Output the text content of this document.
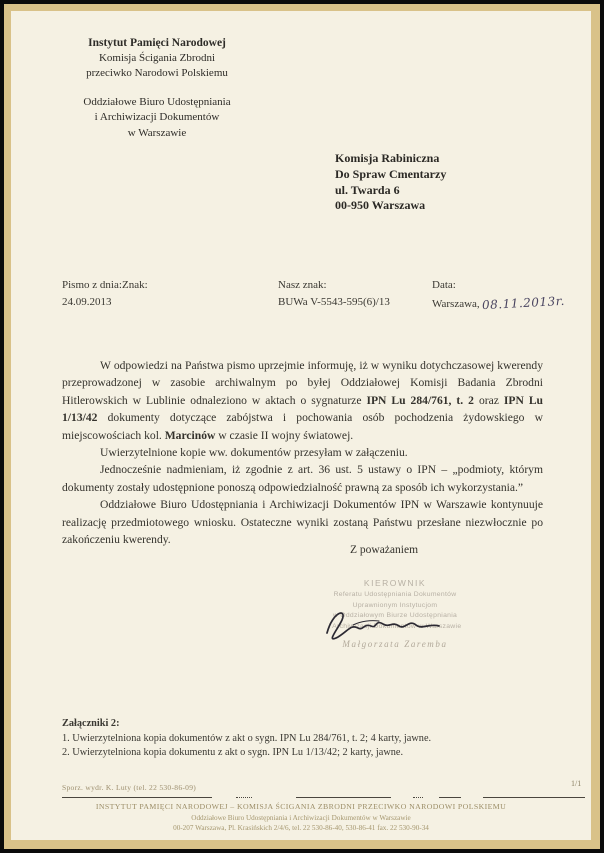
Instytut Pamięci Narodowej
Komisja Ścigania Zbrodni
przeciwko Narodowi Polskiemu
Oddziałowe Biuro Udostępniania
i Archiwizacji Dokumentów
w Warszawie
Komisja Rabiniczna
Do Spraw Cmentarzy
ul. Twarda 6
00-950 Warszawa
Pismo z dnia:
24.09.2013
Znak:	Nasz znak:
BUWa V-5543-595(6)/13
Data:
Warszawa, 08.11.2013r.

W odpowiedzi na Państwa pismo uprzejmie informuję, iż w wyniku dotychczasowej kwerendy przeprowadzonej w zasobie archiwalnym po byłej Oddziałowej Komisji Badania Zbrodni Hitlerowskich w Lublinie odnaleziono w aktach o sygnaturze IPN Lu 284/761, t. 2 oraz IPN Lu 1/13/42 dokumenty dotyczące zabójstwa i pochowania osób pochodzenia żydowskiego w miejscowościach kol. Marcinów w czasie II wojny światowej.

Uwierzytelnione kopie ww. dokumentów przesyłam w załączeniu.

Jednocześnie nadmieniam, iż zgodnie z art. 36 ust. 5 ustawy o IPN – „podmioty, którym dokumenty zostały udostępnione ponoszą odpowiedzialność prawną za sposób ich wykorzystania.”

Oddziałowe Biuro Udostępniania i Archiwizacji Dokumentów IPN w Warszawie kontynuuje realizację przedmiotowego wniosku. Ostateczne wyniki zostaną Państwu przesłane niezwłocznie po zakończeniu kwerendy.

Z poważaniem
KIEROWNIK
Referatu Udostępniania Dokumentów
Uprawnionym Instytucjom
w Oddziałowym Biurze Udostępniania
i Archiwizacji Dokumentów w Warszawie
Małgorzata Zaremba
Załączniki 2:
1. Uwierzytelniona kopia dokumentów z akt o sygn. IPN Lu 284/761, t. 2; 4 karty, jawne.
2. Uwierzytelniona kopia dokumentu z akt o sygn. IPN Lu 1/13/42; 2 karty, jawne.
Sporz. wydr. K. Luty (tel. 22 530-86-09)	1/1
INSTYTUT PAMIĘCI NARODOWEJ – KOMISJA ŚCIGANIA ZBRODNI PRZECIWKO NARODOWI POLSKIEMU
Oddziałowe Biuro Udostępniania i Archiwizacji Dokumentów w Warszawie
00-207 Warszawa, Pl. Krasińskich 2/4/6, tel. 22 530-86-40, 530-86-41 fax. 22 530-90-34
